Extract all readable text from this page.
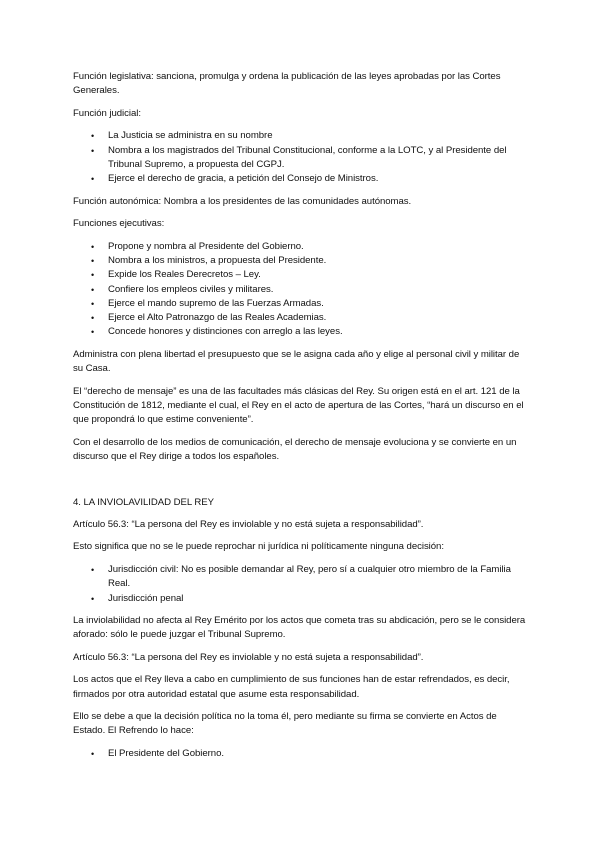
Función legislativa: sanciona, promulga y ordena la publicación de las leyes aprobadas por las Cortes Generales.

Función judicial:

• La Justicia se administra en su nombre
• Nombra a los magistrados del Tribunal Constitucional, conforme a la LOTC, y al Presidente del Tribunal Supremo, a propuesta del CGPJ.
• Ejerce el derecho de gracia, a petición del Consejo de Ministros.

Función autonómica: Nombra a los presidentes de las comunidades autónomas.

Funciones ejecutivas:

• Propone y nombra al Presidente del Gobierno.
• Nombra a los ministros, a propuesta del Presidente.
• Expide los Reales Derecretos – Ley.
• Confiere los empleos civiles y militares.
• Ejerce el mando supremo de las Fuerzas Armadas.
• Ejerce el Alto Patronazgo de las Reales Academias.
• Concede honores y distinciones con arreglo a las leyes.

Administra con plena libertad el presupuesto que se le asigna cada año y elige al personal civil y militar de su Casa.

El “derecho de mensaje” es una de las facultades más clásicas del Rey. Su origen está en el art. 121 de la Constitución de 1812, mediante el cual, el Rey en el acto de apertura de las Cortes, “hará un discurso en el que propondrá lo que estime conveniente”.

Con el desarrollo de los medios de comunicación, el derecho de mensaje evoluciona y se convierte en un discurso que el Rey dirige a todos los españoles.

4. LA INVIOLAVILIDAD DEL REY

Artículo 56.3: “La persona del Rey es inviolable y no está sujeta a responsabilidad”.

Esto significa que no se le puede reprochar ni jurídica ni políticamente ninguna decisión:

• Jurisdicción civil: No es posible demandar al Rey, pero sí a cualquier otro miembro de la Familia Real.
• Jurisdicción penal

La inviolabilidad no afecta al Rey Emérito por los actos que cometa tras su abdicación, pero se le considera aforado: sólo le puede juzgar el Tribunal Supremo.

Artículo 56.3: “La persona del Rey es inviolable y no está sujeta a responsabilidad”.

Los actos que el Rey lleva a cabo en cumplimiento de sus funciones han de estar refrendados, es decir, firmados por otra autoridad estatal que asume esta responsabilidad.

Ello se debe a que la decisión política no la toma él, pero mediante su firma se convierte en Actos de Estado. El Refrendo lo hace:

• El Presidente del Gobierno.
